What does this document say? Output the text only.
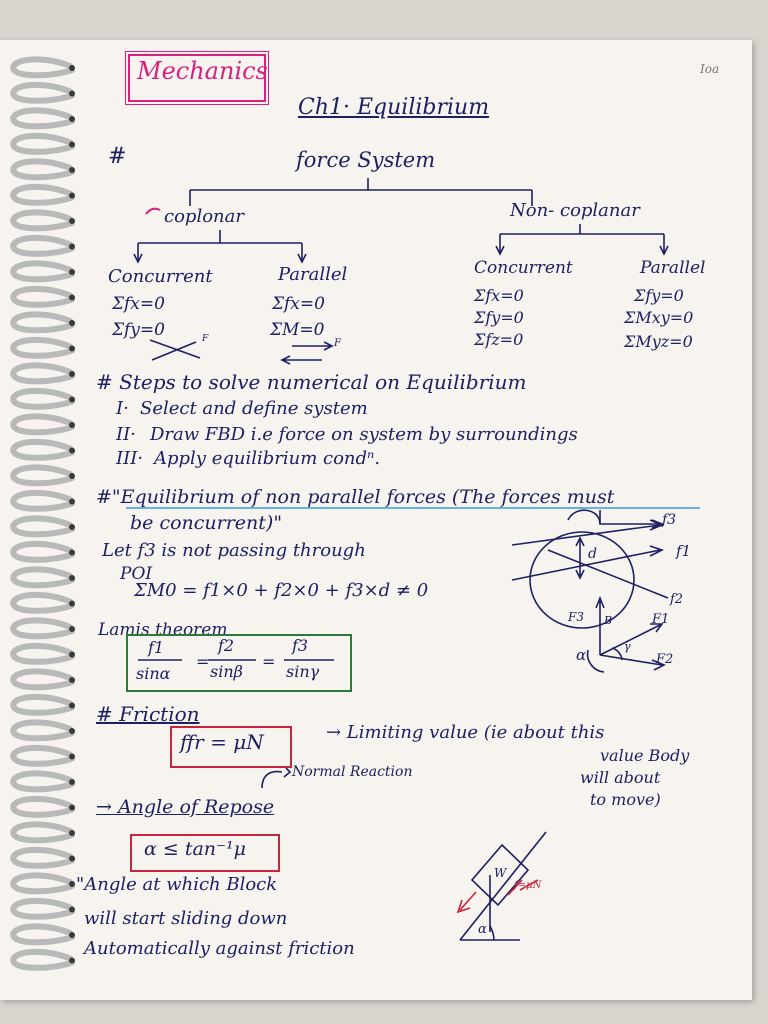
Ioa
Mechanics
Ch1· Equilibrium
#	force System
coplonar
Concurrent
Σfx=0
Σfy=0	F
Parallel
Σfx=0
ΣM=0
F
Non- coplanar
Concurrent
Σfx=0
Σfy=0
Σfz=0
Parallel
Σfy=0
ΣMxy=0
ΣMyz=0
# Steps to solve numerical on Equilibrium
I· Select and define system
II· Draw FBD i.e force on system by surroundings
III· Apply equilibrium condⁿ.
#"Equilibrium of non parallel forces (The forces must
be concurrent)"
Let f3 is not passing through
POI
ΣM0 = f1×0 + f2×0 + f3×d ≠ 0
f3
f1
f2
d
Lamis theorem
f1
sinα
=
f2
sinβ
=
f3
sinγ
F3	F1
F2
α
B
γ
# Friction
ffr = μN	→ Limiting value (ie about this
value Body
will about
to move)
Normal Reaction
→ Angle of Repose
α ≤ tan⁻¹μ
"Angle at which Block
will start sliding down
Automatically against friction
W
f=μN
α
